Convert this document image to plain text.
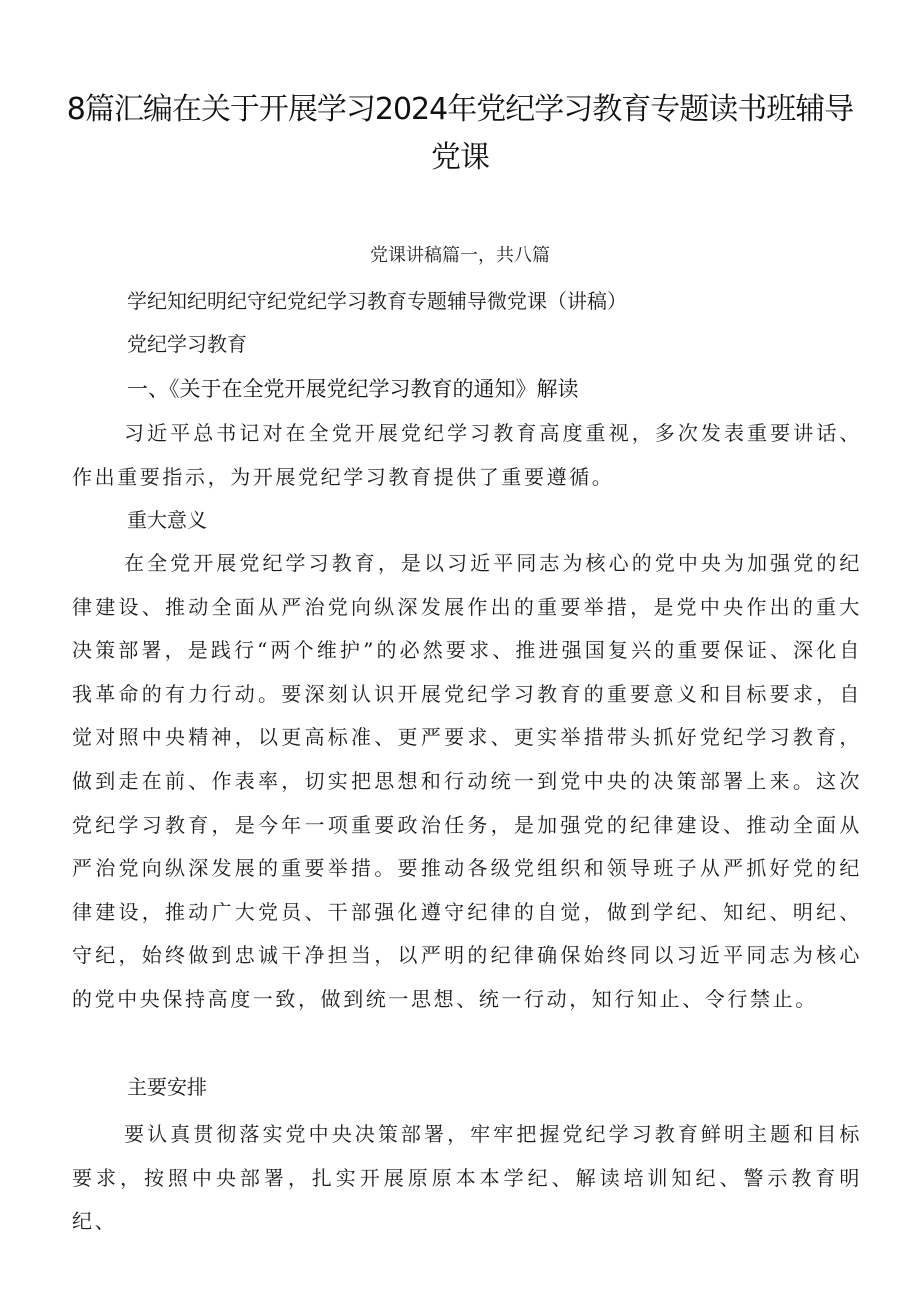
8篇汇编在关于开展学习2024年党纪学习教育专题读书班辅导党课
党课讲稿篇一，共八篇
学纪知纪明纪守纪党纪学习教育专题辅导微党课（讲稿）
党纪学习教育
一、《关于在全党开展党纪学习教育的通知》解读
习近平总书记对在全党开展党纪学习教育高度重视，多次发表重要讲话、作出重要指示，为开展党纪学习教育提供了重要遵循。
重大意义
在全党开展党纪学习教育，是以习近平同志为核心的党中央为加强党的纪律建设、推动全面从严治党向纵深发展作出的重要举措，是党中央作出的重大决策部署，是践行“两个维护”的必然要求、推进强国复兴的重要保证、深化自我革命的有力行动。要深刻认识开展党纪学习教育的重要意义和目标要求，自觉对照中央精神，以更高标准、更严要求、更实举措带头抓好党纪学习教育，做到走在前、作表率，切实把思想和行动统一到党中央的决策部署上来。这次党纪学习教育，是今年一项重要政治任务，是加强党的纪律建设、推动全面从严治党向纵深发展的重要举措。要推动各级党组织和领导班子从严抓好党的纪律建设，推动广大党员、干部强化遵守纪律的自觉，做到学纪、知纪、明纪、守纪，始终做到忠诚干净担当，以严明的纪律确保始终同以习近平同志为核心的党中央保持高度一致，做到统一思想、统一行动，知行知止、令行禁止。
主要安排
要认真贯彻落实党中央决策部署，牢牢把握党纪学习教育鲜明主题和目标要求，按照中央部署，扎实开展原原本本学纪、解读培训知纪、警示教育明纪、
